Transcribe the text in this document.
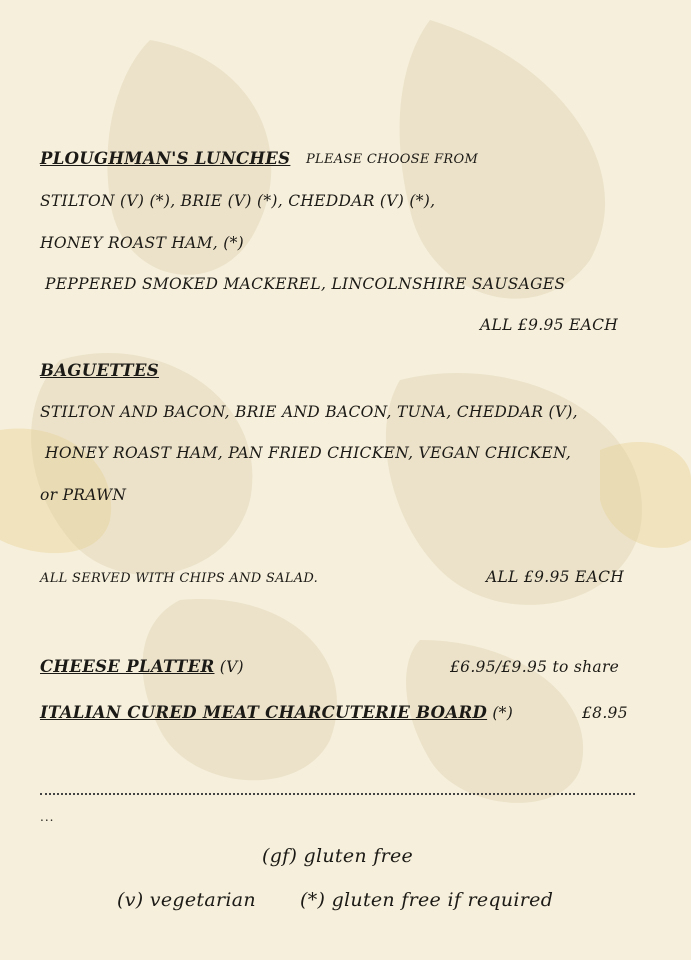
PLOUGHMAN'S LUNCHES PLEASE CHOOSE FROM
STILTON (V) (*), BRIE (V) (*), CHEDDAR (V) (*),
HONEY ROAST HAM, (*)
PEPPERED SMOKED MACKEREL, LINCOLNSHIRE SAUSAGES
ALL £9.95 EACH
BAGUETTES
STILTON AND BACON, BRIE AND BACON, TUNA, CHEDDAR (V),
HONEY ROAST HAM, PAN FRIED CHICKEN, VEGAN CHICKEN,
or PRAWN
ALL SERVED WITH CHIPS AND SALAD.	ALL £9.95 EACH
CHEESE PLATTER (V)	£6.95/£9.95 to share
ITALIAN CURED MEAT CHARCUTERIE BOARD (*)	£8.95
...
(gf) gluten free
(v) vegetarian (*) gluten free if required
